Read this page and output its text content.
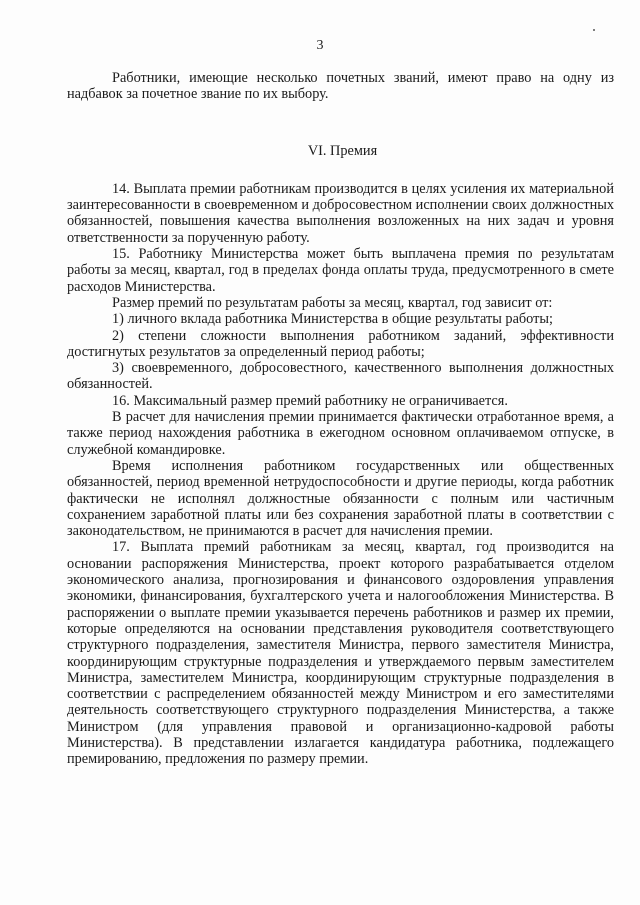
3

Работники, имеющие несколько почетных званий, имеют право на одну из надбавок за почетное звание по их выбору.

VI. Премия

14. Выплата премии работникам производится в целях усиления их материальной заинтересованности в своевременном и добросовестном исполнении своих должностных обязанностей, повышения качества выполнения возложенных на них задач и уровня ответственности за порученную работу.

15. Работнику Министерства может быть выплачена премия по результатам работы за месяц, квартал, год в пределах фонда оплаты труда, предусмотренного в смете расходов Министерства.

Размер премий по результатам работы за месяц, квартал, год зависит от:

1) личного вклада работника Министерства в общие результаты работы;

2) степени сложности выполнения работником заданий, эффективности достигнутых результатов за определенный период работы;

3) своевременного, добросовестного, качественного выполнения должностных обязанностей.

16. Максимальный размер премий работнику не ограничивается.

В расчет для начисления премии принимается фактически отработанное время, а также период нахождения работника в ежегодном основном оплачиваемом отпуске, в служебной командировке.

Время исполнения работником государственных или общественных обязанностей, период временной нетрудоспособности и другие периоды, когда работник фактически не исполнял должностные обязанности с полным или частичным сохранением заработной платы или без сохранения заработной платы в соответствии с законодательством, не принимаются в расчет для начисления премии.

17. Выплата премий работникам за месяц, квартал, год производится на основании распоряжения Министерства, проект которого разрабатывается отделом экономического анализа, прогнозирования и финансового оздоровления управления экономики, финансирования, бухгалтерского учета и налогообложения Министерства. В распоряжении о выплате премии указывается перечень работников и размер их премии, которые определяются на основании представления руководителя соответствующего структурного подразделения, заместителя Министра, первого заместителя Министра, координирующим структурные подразделения и утверждаемого первым заместителем Министра, заместителем Министра, координирующим структурные подразделения в соответствии с распределением обязанностей между Министром и его заместителями деятельность соответствующего структурного подразделения Министерства, а также Министром (для управления правовой и организационно-кадровой работы Министерства). В представлении излагается кандидатура работника, подлежащего премированию, предложения по размеру премии.
